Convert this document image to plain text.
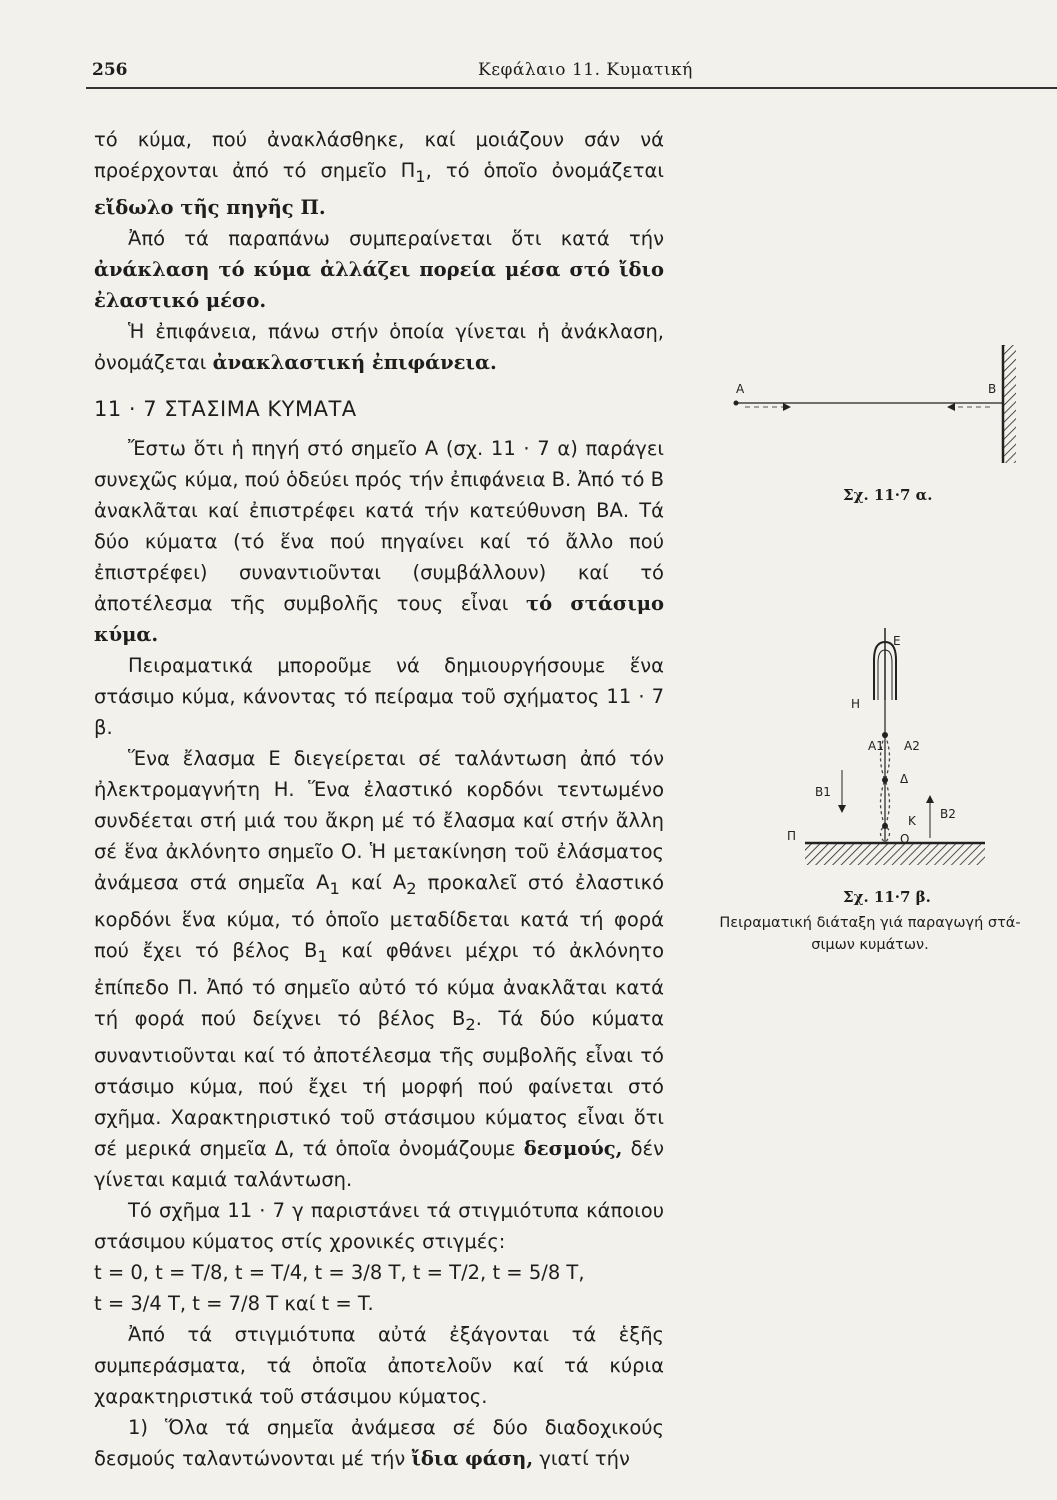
256	Κεφάλαιο 11. Κυματική

τό κύμα, πού ἀνακλάσθηκε, καί μοιάζουν σάν νά προέρχονται ἀπό τό σημεῖο $\Pi_1$, τό ὁποῖο ὀνομάζεται εἴδωλο τῆς πηγῆς Π.

Ἀπό τά παραπάνω συμπεραίνεται ὅτι κατά τήν ἀνάκλαση τό κύμα ἀλλάζει πορεία μέσα στό ἴδιο ἐλαστικό μέσο.

Ἡ ἐπιφάνεια, πάνω στήν ὁποία γίνεται ἡ ἀνάκλαση, ὀνομάζεται ἀνακλαστική ἐπιφάνεια.

11 · 7 ΣΤΑΣΙΜΑ ΚΥΜΑΤΑ

Ἔστω ὅτι ἡ πηγή στό σημεῖο Α (σχ. 11 · 7 α) παράγει συνεχῶς κύμα, πού ὁδεύει πρός τήν ἐπιφάνεια Β. Ἀπό τό Β ἀνακλᾶται καί ἐπιστρέφει κατά τήν κατεύθυνση ΒΑ. Τά δύο κύματα (τό ἕνα πού πηγαίνει καί τό ἄλλο πού ἐπιστρέφει) συναντιοῦνται (συμβάλλουν) καί τό ἀποτέλεσμα τῆς συμβολῆς τους εἶναι τό στάσιμο κύμα.

Πειραματικά μποροῦμε νά δημιουργήσουμε ἕνα στάσιμο κύμα, κάνοντας τό πείραμα τοῦ σχήματος 11 · 7 β.

Ἕνα ἔλασμα Ε διεγείρεται σέ ταλάντωση ἀπό τόν ἠλεκτρομαγνήτη Η. Ἕνα ἐλαστικό κορδόνι τεντωμένο συνδέεται στή μιά του ἄκρη μέ τό ἔλασμα καί στήν ἄλλη σέ ἕνα ἀκλόνητο σημεῖο Ο. Ἡ μετακίνηση τοῦ ἐλάσματος ἀνάμεσα στά σημεῖα $A_1$ καί $A_2$ προκαλεῖ στό ἐλαστικό κορδόνι ἕνα κύμα, τό ὁποῖο μεταδίδεται κατά τή φορά πού ἔχει τό βέλος $B_1$ καί φθάνει μέχρι τό ἀκλόνητο ἐπίπεδο Π. Ἀπό τό σημεῖο αὐτό τό κύμα ἀνακλᾶται κατά τή φορά πού δείχνει τό βέλος $B_2$. Τά δύο κύματα συναντιοῦνται καί τό ἀποτέλεσμα τῆς συμβολῆς εἶναι τό στάσιμο κύμα, πού ἔχει τή μορφή πού φαίνεται στό σχῆμα. Χαρακτηριστικό τοῦ στάσιμου κύματος εἶναι ὅτι σέ μερικά σημεῖα Δ, τά ὁποῖα ὀνομάζουμε δεσμούς, δέν γίνεται καμιά ταλάντωση.

Τό σχῆμα 11 · 7 γ παριστάνει τά στιγμιότυπα κάποιου στάσιμου κύματος στίς χρονικές στιγμές:
t = 0, t = T/8, t = T/4, t = 3/8 T, t = T/2, t = 5/8 T,
t = 3/4 T, t = 7/8 T καί t = T.

Ἀπό τά στιγμιότυπα αὐτά ἐξάγονται τά ἑξῆς συμπεράσματα, τά ὁποῖα ἀποτελοῦν καί τά κύρια χαρακτηριστικά τοῦ στάσιμου κύματος.

1) Ὅλα τά σημεῖα ἀνάμεσα σέ δύο διαδοχικούς δεσμούς ταλαντώνονται μέ τήν ἴδια φάση, γιατί τήν

Α	Β
Ε
Η
Α1 Α2
Δ
Κ
Β1
Β2
Π	Ο
Σχ. 11·7 α.
Σχ. 11·7 β.
Πειραματική διάταξη γιά παραγωγή στά-
σιμων κυμάτων.
